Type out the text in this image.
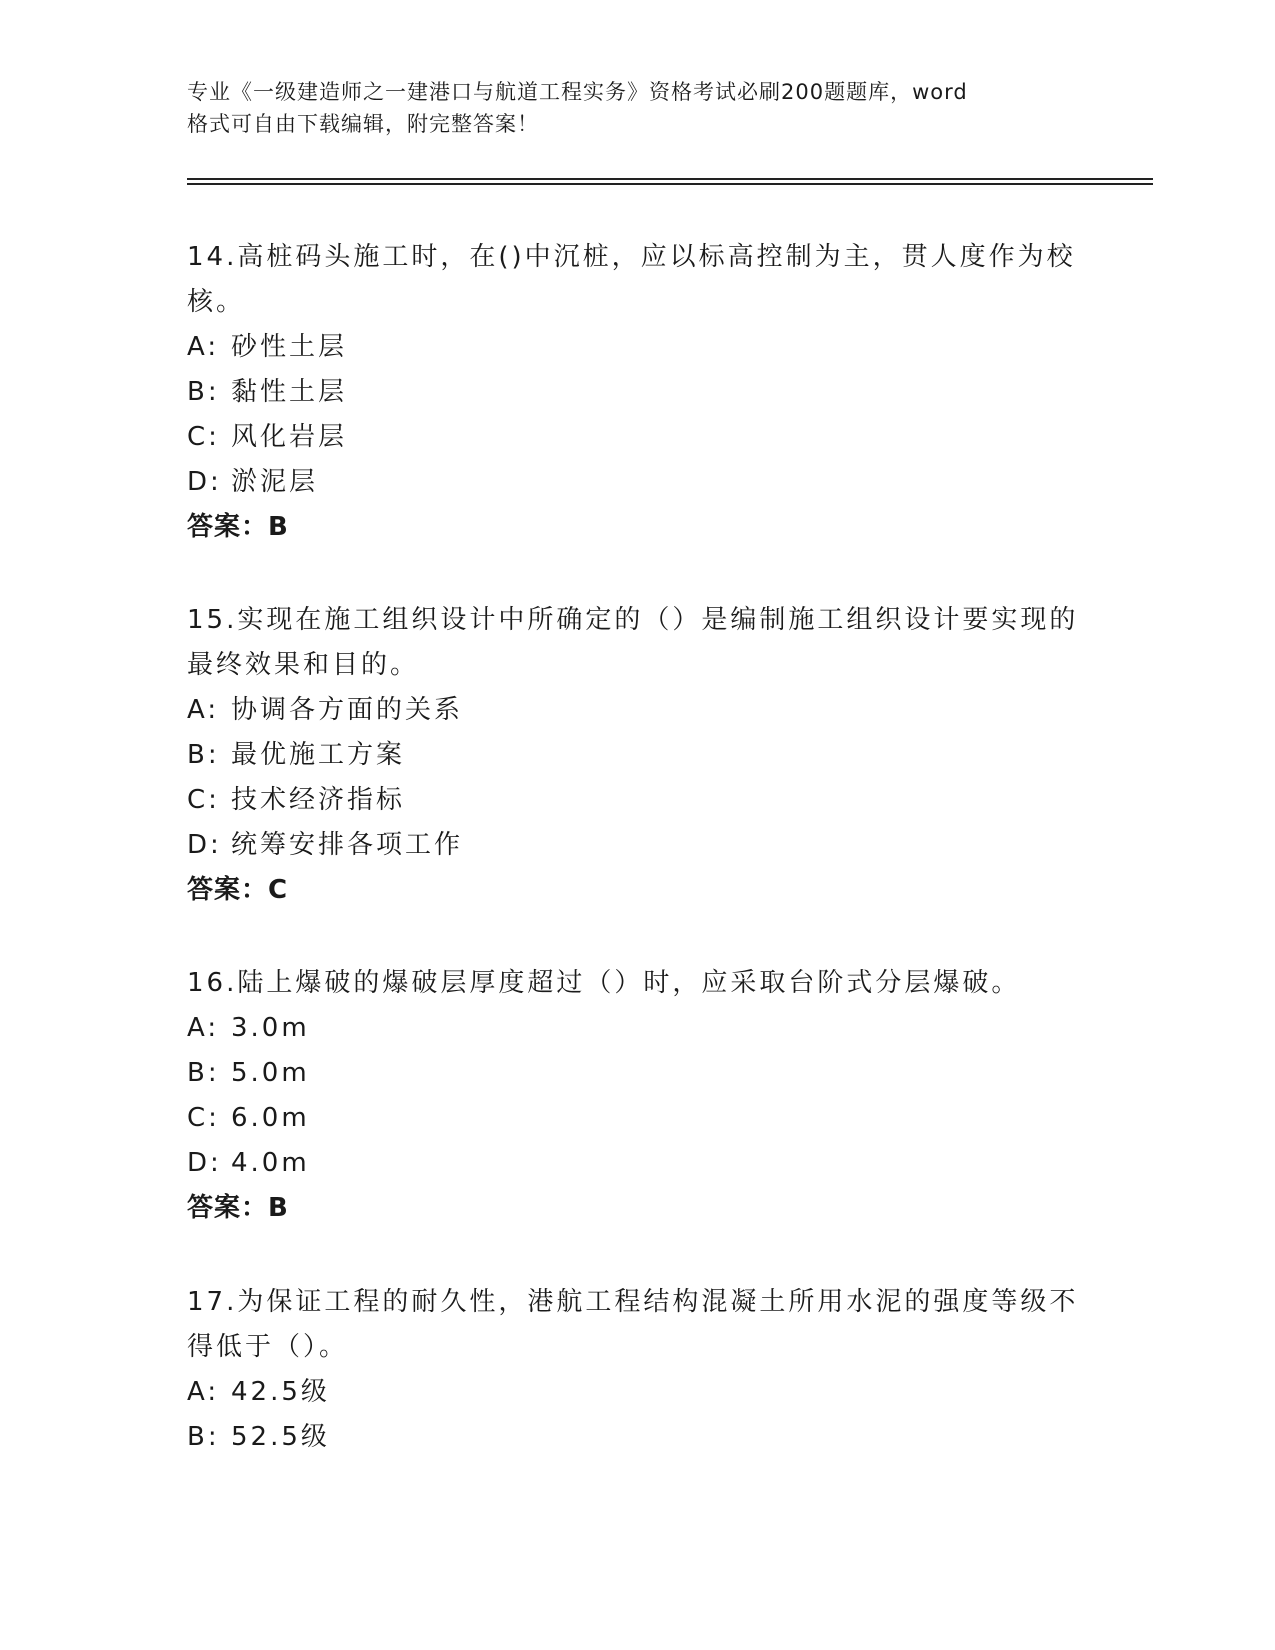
专业《一级建造师之一建港口与航道工程实务》资格考试必刷200题题库，word
格式可自由下载编辑，附完整答案！

14.高桩码头施工时，在()中沉桩，应以标高控制为主，贯人度作为校

核。

A: 砂性土层

B: 黏性土层

C: 风化岩层

D: 淤泥层

答案：B

15.实现在施工组织设计中所确定的（）是编制施工组织设计要实现的

最终效果和目的。

A: 协调各方面的关系

B: 最优施工方案

C: 技术经济指标

D: 统筹安排各项工作

答案：C

16.陆上爆破的爆破层厚度超过（）时，应采取台阶式分层爆破。

A: 3.0m

B: 5.0m

C: 6.0m

D: 4.0m

答案：B

17.为保证工程的耐久性，港航工程结构混凝土所用水泥的强度等级不

得低于（）。

A: 42.5级

B: 52.5级
